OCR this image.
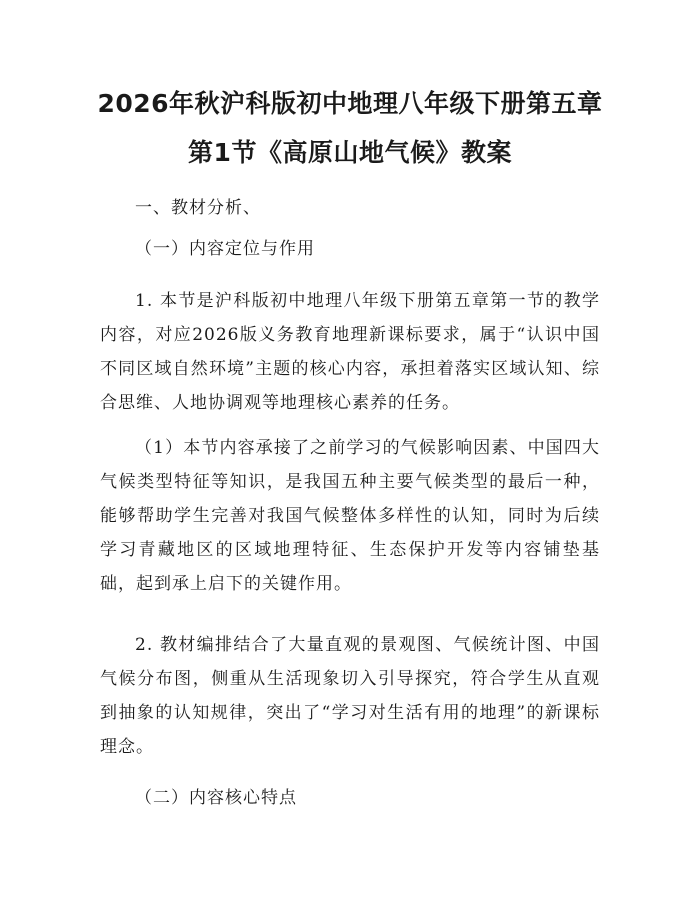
2026年秋沪科版初中地理八年级下册第五章
第1节《高原山地气候》教案

一、教材分析、

（一）内容定位与作用

1. 本节是沪科版初中地理八年级下册第五章第一节的教学内容，对应2026版义务教育地理新课标要求，属于“认识中国不同区域自然环境”主题的核心内容，承担着落实区域认知、综合思维、人地协调观等地理核心素养的任务。

（1）本节内容承接了之前学习的气候影响因素、中国四大气候类型特征等知识，是我国五种主要气候类型的最后一种，能够帮助学生完善对我国气候整体多样性的认知，同时为后续学习青藏地区的区域地理特征、生态保护开发等内容铺垫基础，起到承上启下的关键作用。

2. 教材编排结合了大量直观的景观图、气候统计图、中国气候分布图，侧重从生活现象切入引导探究，符合学生从直观到抽象的认知规律，突出了“学习对生活有用的地理”的新课标理念。

（二）内容核心特点
